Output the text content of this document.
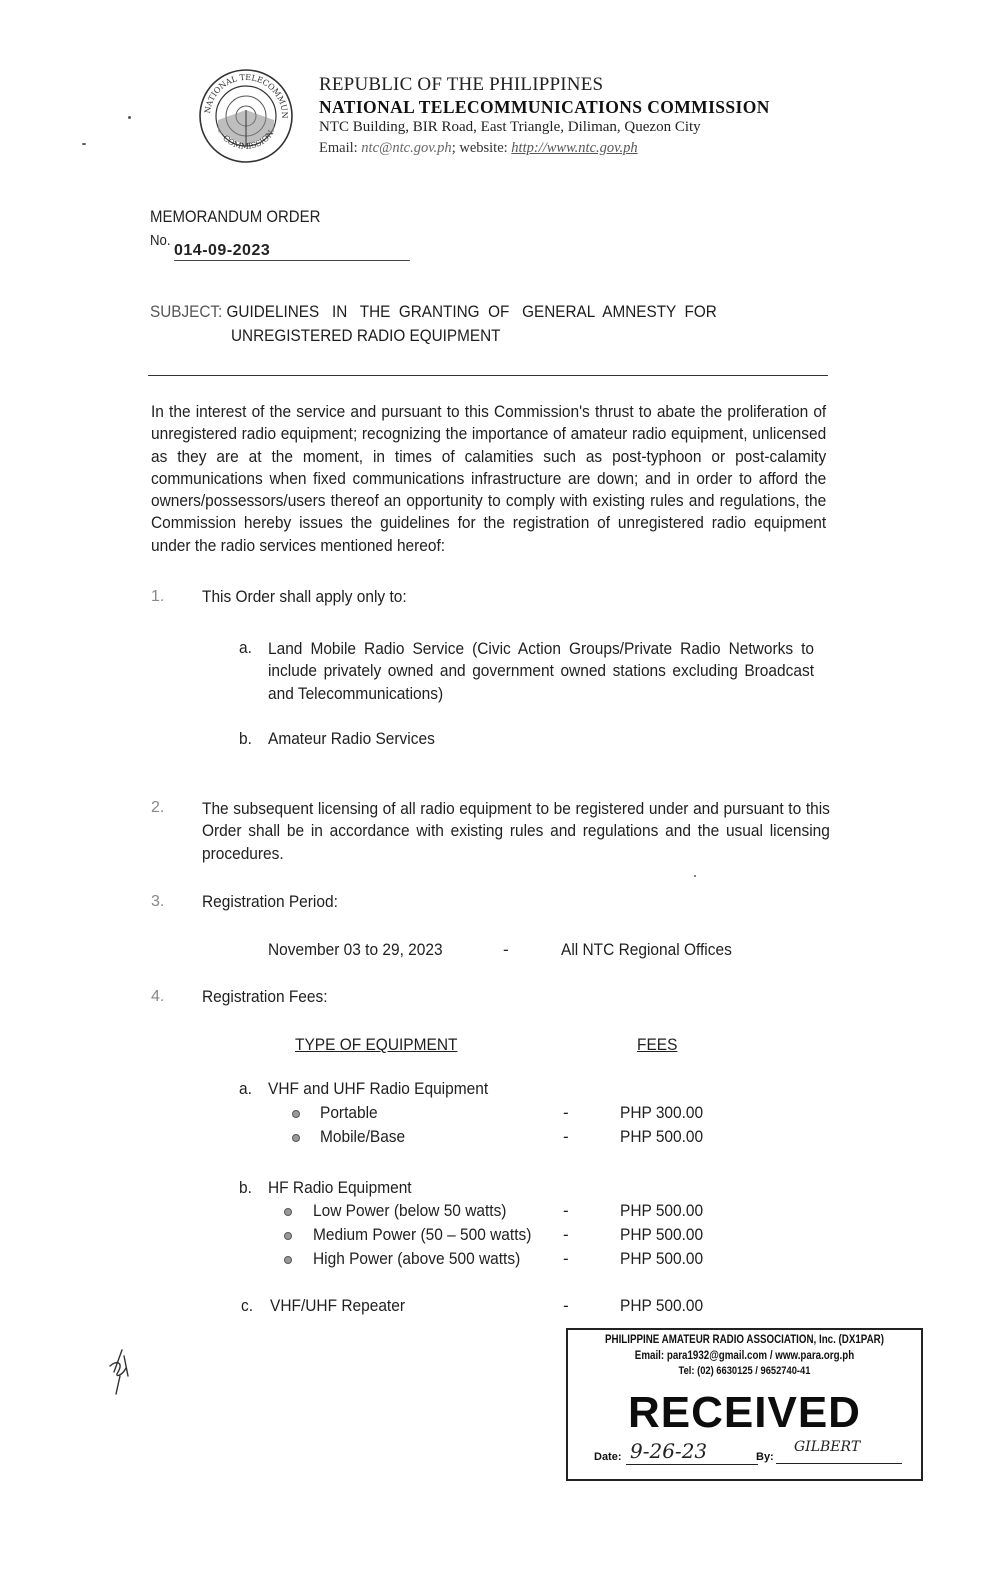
NATIONAL TELECOMMUN
COMMISSION
REPUBLIC OF THE PHILIPPINES
NATIONAL TELECOMMUNICATIONS COMMISSION
NTC Building, BIR Road, East Triangle, Diliman, Quezon City
Email: ntc@ntc.gov.ph; website: http://www.ntc.gov.ph
MEMORANDUM ORDER
No.
014-09-2023
SUBJECT: GUIDELINES   IN   THE  GRANTING  OF   GENERAL  AMNESTY  FOR
UNREGISTERED RADIO EQUIPMENT
In the interest of the service and pursuant to this Commission's thrust to abate the proliferation of unregistered radio equipment; recognizing the importance of amateur radio equipment, unlicensed as they are at the moment, in times of calamities such as post-typhoon or post-calamity communications when fixed communications infrastructure are down; and in order to afford the owners/possessors/users thereof an opportunity to comply with existing rules and regulations, the Commission hereby issues the guidelines for the registration of unregistered radio equipment under the radio services mentioned hereof:
1. This Order shall apply only to:
a. Land Mobile Radio Service (Civic Action Groups/Private Radio Networks to include privately owned and government owned stations excluding Broadcast and Telecommunications)
b. Amateur Radio Services
2. The subsequent licensing of all radio equipment to be registered under and pursuant to this Order shall be in accordance with existing rules and regulations and the usual licensing procedures.
3. Registration Period:
November 03 to 29, 2023	-	All NTC Regional Offices
4. Registration Fees:
TYPE OF EQUIPMENT	FEES
a. VHF and UHF Radio Equipment
Portable	-	PHP 300.00
Mobile/Base	-	PHP 500.00
b. HF Radio Equipment
Low Power (below 50 watts)	-	PHP 500.00
Medium Power (50 – 500 watts) -	PHP 500.00
High Power (above 500 watts)	-	PHP 500.00
c. VHF/UHF Repeater	-	PHP 500.00
PHILIPPINE AMATEUR RADIO ASSOCIATION, Inc. (DX1PAR)
Email: para1932@gmail.com / www.para.org.ph
Tel: (02) 6630125 / 9652740-41
RECEIVED
Date: 9-26-23	By:
GILBERT
